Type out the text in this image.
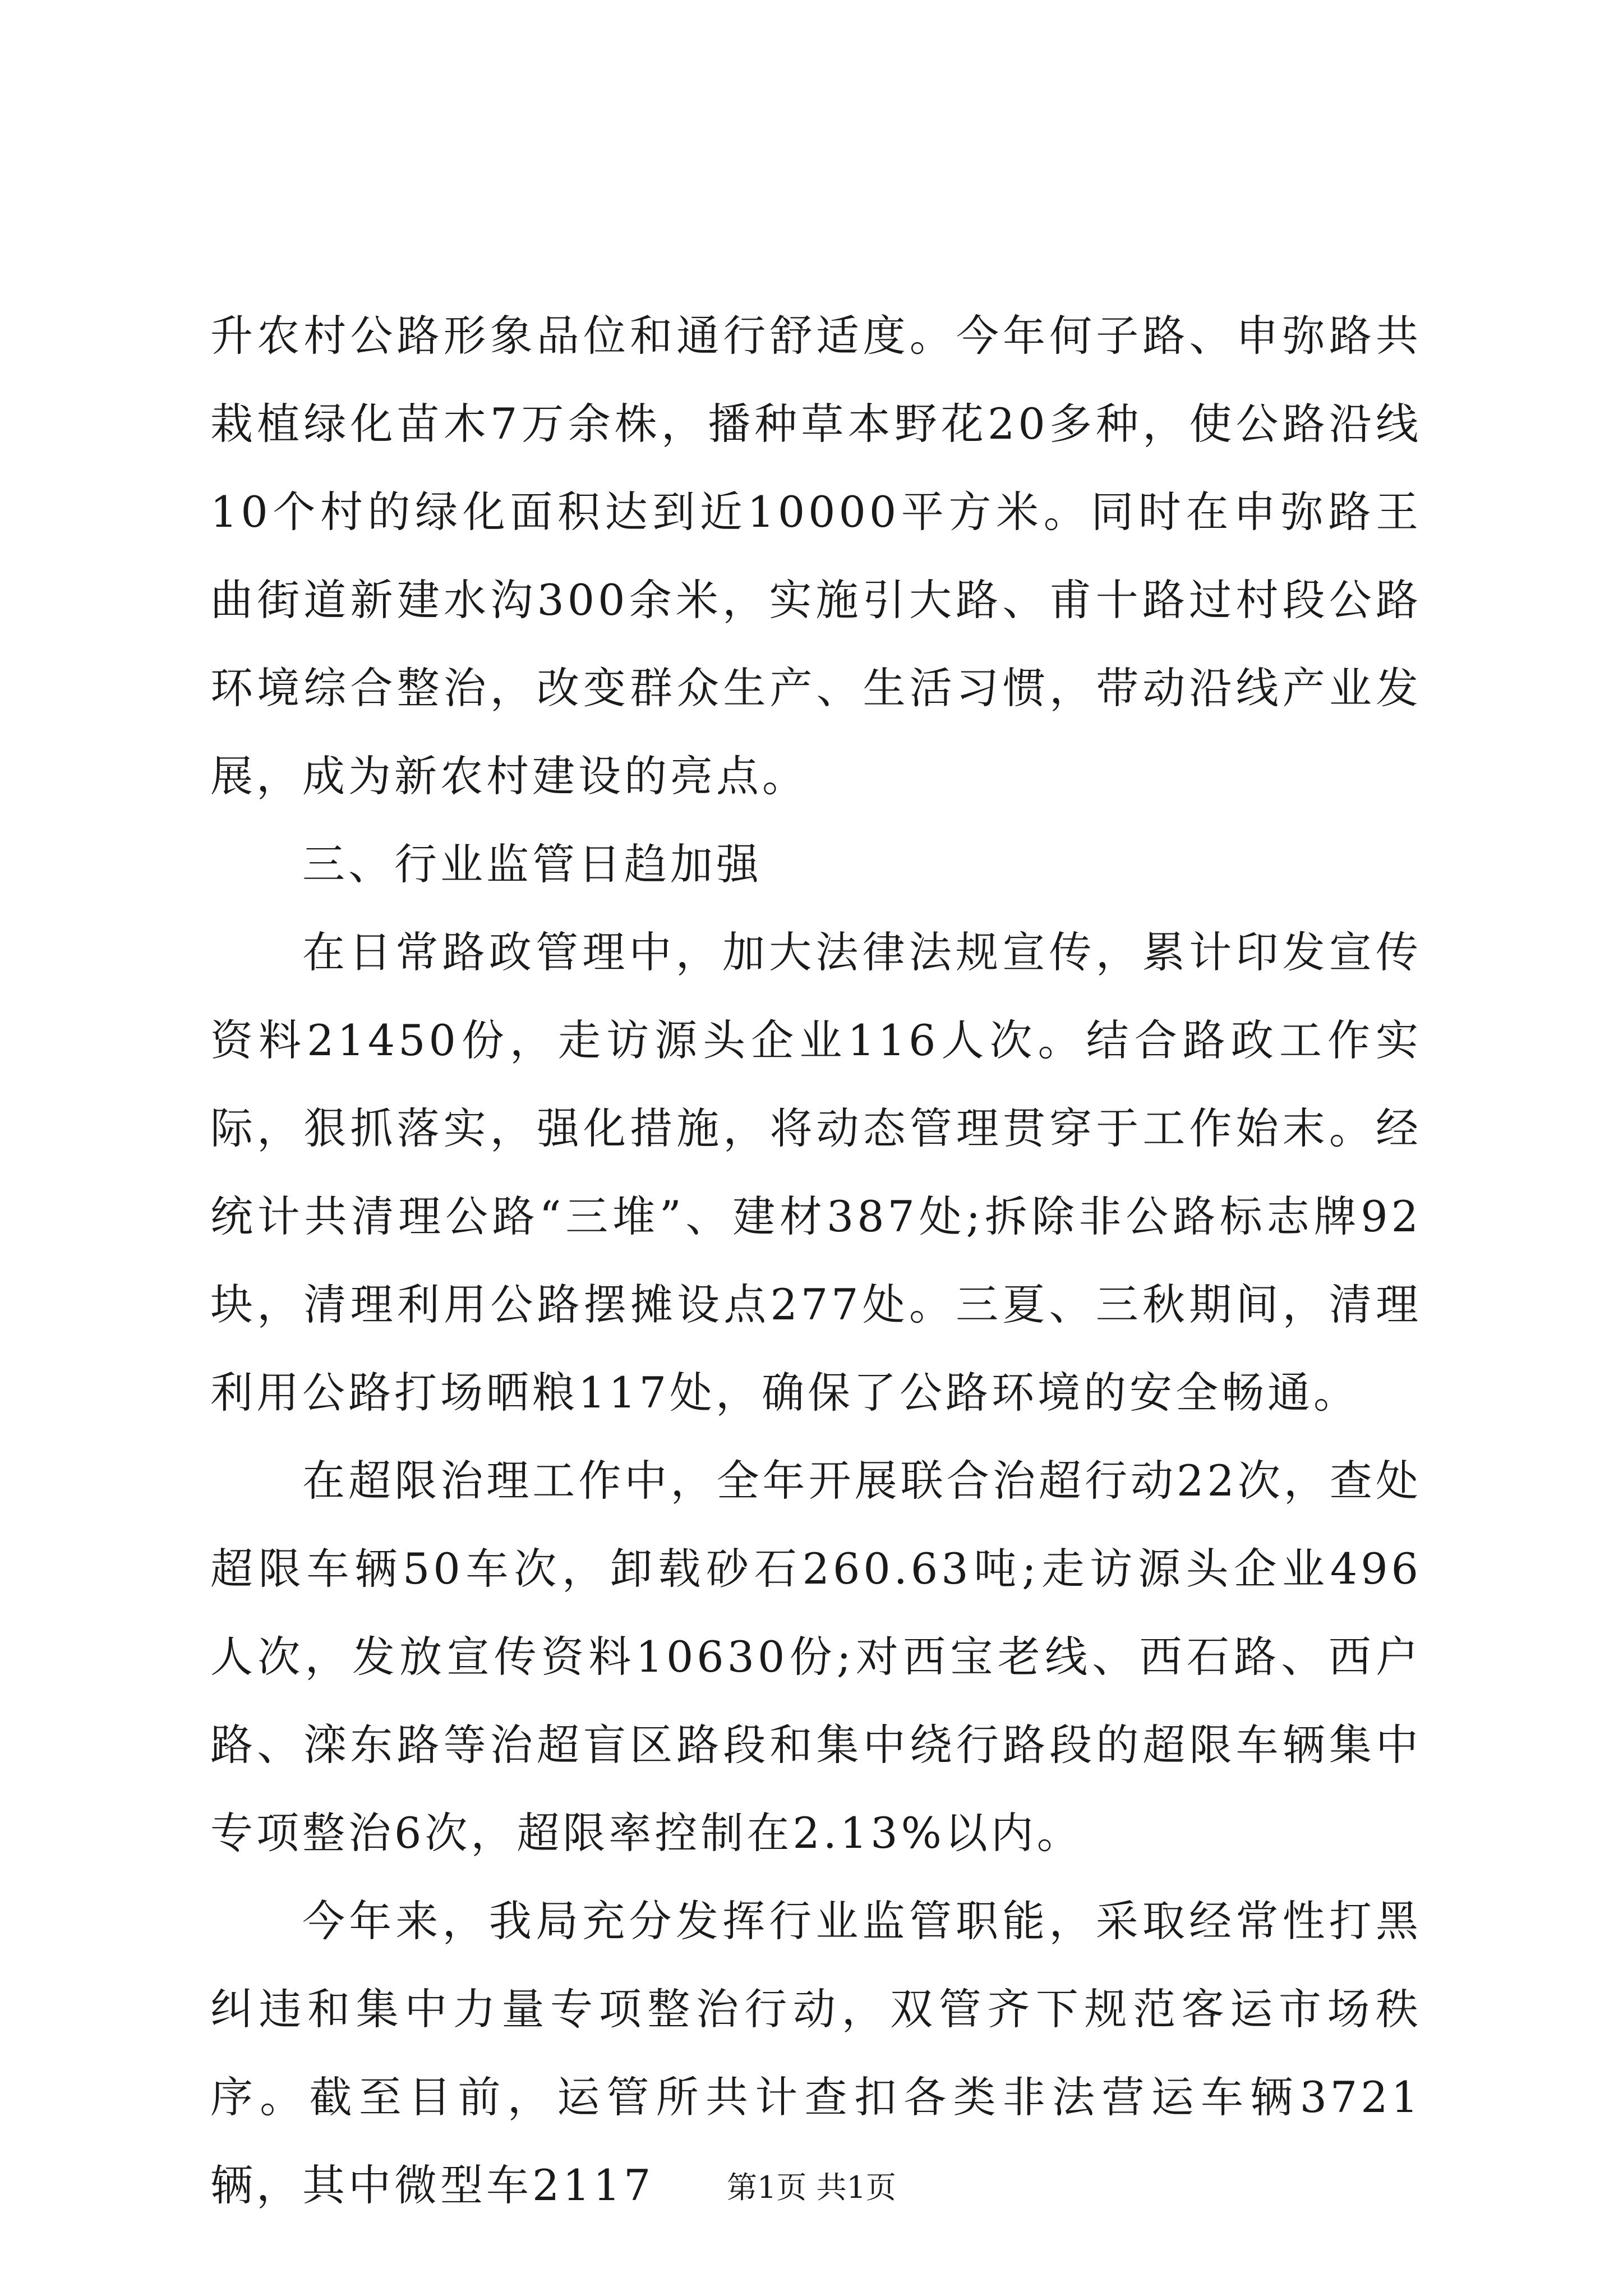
升农村公路形象品位和通行舒适度。今年何子路、申弥路共栽植绿化苗木7万余株，播种草本野花20多种，使公路沿线10个村的绿化面积达到近10000平方米。同时在申弥路王曲街道新建水沟300余米，实施引大路、甫十路过村段公路环境综合整治，改变群众生产、生活习惯，带动沿线产业发展，成为新农村建设的亮点。

三、行业监管日趋加强

在日常路政管理中，加大法律法规宣传，累计印发宣传资料21450份，走访源头企业116人次。结合路政工作实际，狠抓落实，强化措施，将动态管理贯穿于工作始末。经统计共清理公路“三堆”、建材387处;拆除非公路标志牌92块，清理利用公路摆摊设点277处。三夏、三秋期间，清理利用公路打场晒粮117处，确保了公路环境的安全畅通。

在超限治理工作中，全年开展联合治超行动22次，查处超限车辆50车次，卸载砂石260.63吨;走访源头企业496人次，发放宣传资料10630份;对西宝老线、西石路、西户路、滦东路等治超盲区路段和集中绕行路段的超限车辆集中专项整治6次，超限率控制在2.13%以内。

今年来，我局充分发挥行业监管职能，采取经常性打黑纠违和集中力量专项整治行动，双管齐下规范客运市场秩序。截至目前，运管所共计查扣各类非法营运车辆3721辆，其中微型车2117	第1页 共1页
